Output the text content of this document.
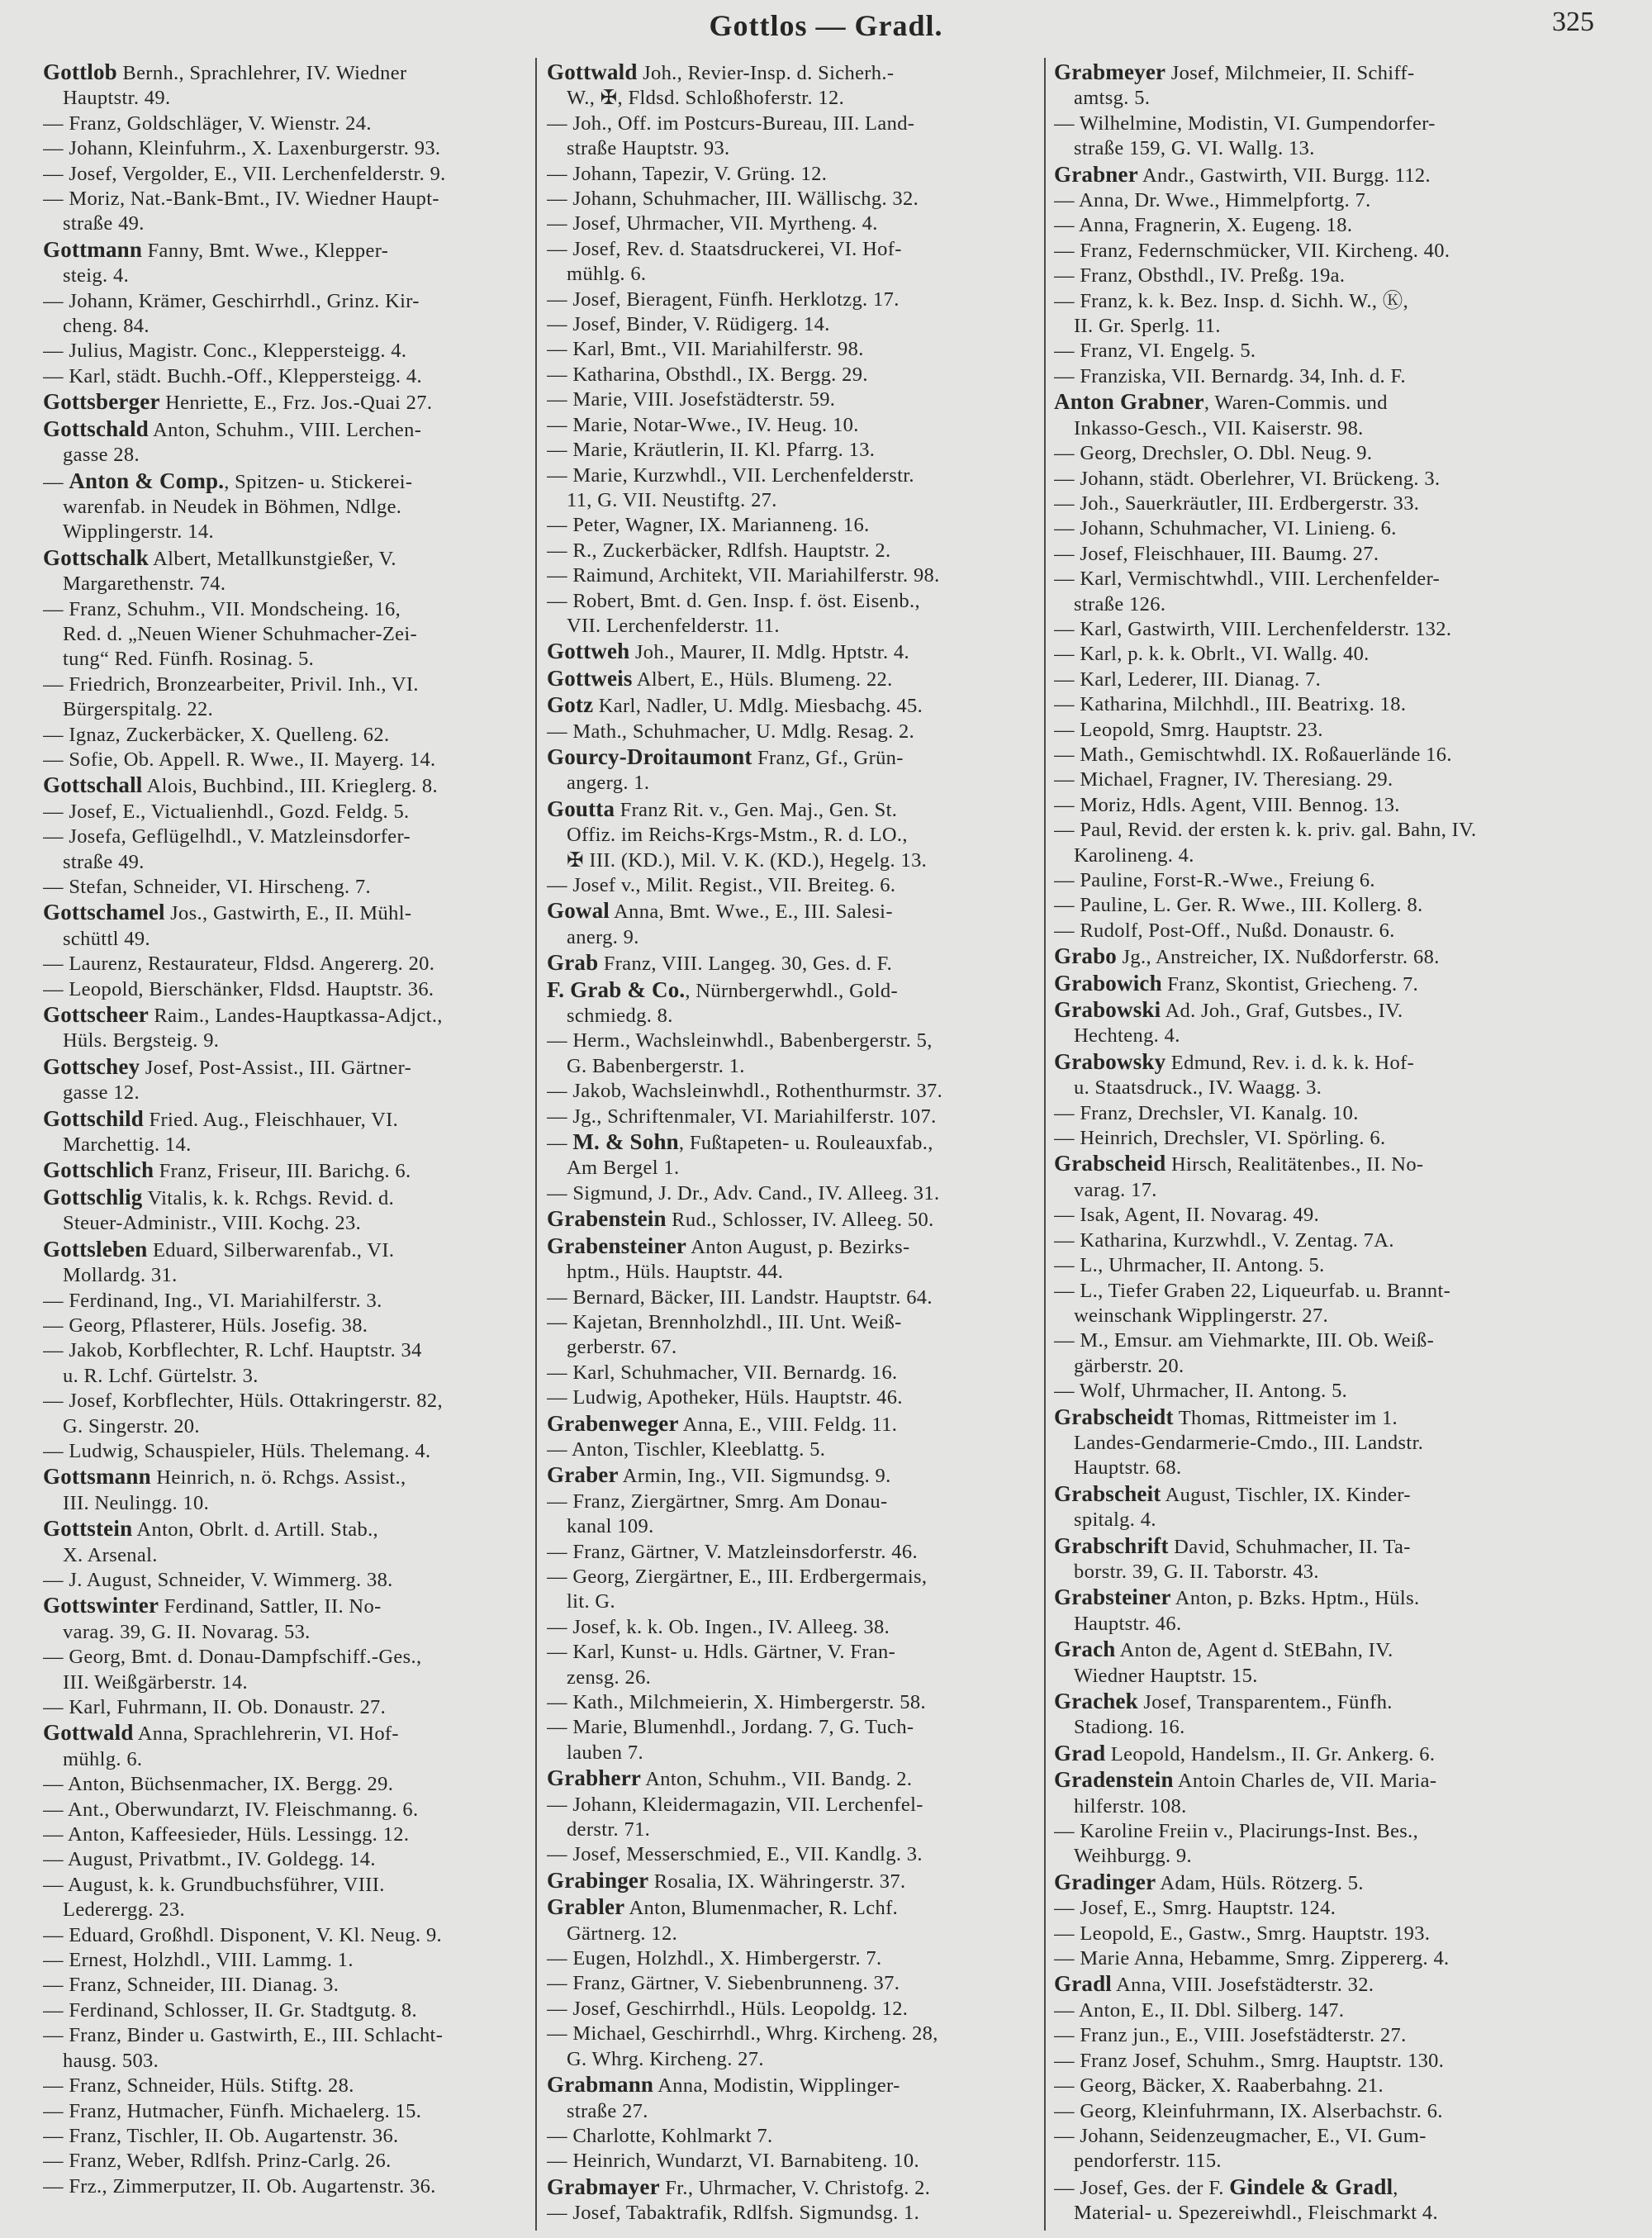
Gottlos — Gradl.	325
Gottlob Bernh., Sprachlehrer, IV. Wiedner
Hauptstr. 49.
— Franz, Goldschläger, V. Wienstr. 24.
— Johann, Kleinfuhrm., X. Laxenburgerstr. 93.
— Josef, Vergolder, E., VII. Lerchenfelderstr. 9.
— Moriz, Nat.-Bank-Bmt., IV. Wiedner Haupt-
straße 49.
Gottmann Fanny, Bmt. Wwe., Klepper-
steig. 4.
— Johann, Krämer, Geschirrhdl., Grinz. Kir-
cheng. 84.
— Julius, Magistr. Conc., Kleppersteigg. 4.
— Karl, städt. Buchh.-Off., Kleppersteigg. 4.
Gottsberger Henriette, E., Frz. Jos.-Quai 27.
Gottschald Anton, Schuhm., VIII. Lerchen-
gasse 28.
— Anton & Comp., Spitzen- u. Stickerei-
warenfab. in Neudek in Böhmen, Ndlge.
Wipplingerstr. 14.
Gottschalk Albert, Metallkunstgießer, V.
Margarethenstr. 74.
— Franz, Schuhm., VII. Mondscheing. 16,
Red. d. „Neuen Wiener Schuhmacher-Zei-
tung“ Red. Fünfh. Rosinag. 5.
— Friedrich, Bronzearbeiter, Privil. Inh., VI.
Bürgerspitalg. 22.
— Ignaz, Zuckerbäcker, X. Quelleng. 62.
— Sofie, Ob. Appell. R. Wwe., II. Mayerg. 14.
Gottschall Alois, Buchbind., III. Krieglerg. 8.
— Josef, E., Victualienhdl., Gozd. Feldg. 5.
— Josefa, Geflügelhdl., V. Matzleinsdorfer-
straße 49.
— Stefan, Schneider, VI. Hirscheng. 7.
Gottschamel Jos., Gastwirth, E., II. Mühl-
schüttl 49.
— Laurenz, Restaurateur, Fldsd. Angererg. 20.
— Leopold, Bierschänker, Fldsd. Hauptstr. 36.
Gottscheer Raim., Landes-Hauptkassa-Adjct.,
Hüls. Bergsteig. 9.
Gottschey Josef, Post-Assist., III. Gärtner-
gasse 12.
Gottschild Fried. Aug., Fleischhauer, VI.
Marchettig. 14.
Gottschlich Franz, Friseur, III. Barichg. 6.
Gottschlig Vitalis, k. k. Rchgs. Revid. d.
Steuer-Administr., VIII. Kochg. 23.
Gottsleben Eduard, Silberwarenfab., VI.
Mollardg. 31.
— Ferdinand, Ing., VI. Mariahilferstr. 3.
— Georg, Pflasterer, Hüls. Josefig. 38.
— Jakob, Korbflechter, R. Lchf. Hauptstr. 34
u. R. Lchf. Gürtelstr. 3.
— Josef, Korbflechter, Hüls. Ottakringerstr. 82,
G. Singerstr. 20.
— Ludwig, Schauspieler, Hüls. Thelemang. 4.
Gottsmann Heinrich, n. ö. Rchgs. Assist.,
III. Neulingg. 10.
Gottstein Anton, Obrlt. d. Artill. Stab.,
X. Arsenal.
— J. August, Schneider, V. Wimmerg. 38.
Gottswinter Ferdinand, Sattler, II. No-
varag. 39, G. II. Novarag. 53.
— Georg, Bmt. d. Donau-Dampfschiff.-Ges.,
III. Weißgärberstr. 14.
— Karl, Fuhrmann, II. Ob. Donaustr. 27.
Gottwald Anna, Sprachlehrerin, VI. Hof-
mühlg. 6.
— Anton, Büchsenmacher, IX. Bergg. 29.
— Ant., Oberwundarzt, IV. Fleischmanng. 6.
— Anton, Kaffeesieder, Hüls. Lessingg. 12.
— August, Privatbmt., IV. Goldegg. 14.
— August, k. k. Grundbuchsführer, VIII.
Lederergg. 23.
— Eduard, Großhdl. Disponent, V. Kl. Neug. 9.
— Ernest, Holzhdl., VIII. Lammg. 1.
— Franz, Schneider, III. Dianag. 3.
— Ferdinand, Schlosser, II. Gr. Stadtgutg. 8.
— Franz, Binder u. Gastwirth, E., III. Schlacht-
hausg. 503.
— Franz, Schneider, Hüls. Stiftg. 28.
— Franz, Hutmacher, Fünfh. Michaelerg. 15.
— Franz, Tischler, II. Ob. Augartenstr. 36.
— Franz, Weber, Rdlfsh. Prinz-Carlg. 26.
— Frz., Zimmerputzer, II. Ob. Augartenstr. 36.
Gottwald Joh., Revier-Insp. d. Sicherh.-
W., ✠, Fldsd. Schloßhoferstr. 12.
— Joh., Off. im Postcurs-Bureau, III. Land-
straße Hauptstr. 93.
— Johann, Tapezir, V. Grüng. 12.
— Johann, Schuhmacher, III. Wällischg. 32.
— Josef, Uhrmacher, VII. Myrtheng. 4.
— Josef, Rev. d. Staatsdruckerei, VI. Hof-
mühlg. 6.
— Josef, Bieragent, Fünfh. Herklotzg. 17.
— Josef, Binder, V. Rüdigerg. 14.
— Karl, Bmt., VII. Mariahilferstr. 98.
— Katharina, Obsthdl., IX. Bergg. 29.
— Marie, VIII. Josefstädterstr. 59.
— Marie, Notar-Wwe., IV. Heug. 10.
— Marie, Kräutlerin, II. Kl. Pfarrg. 13.
— Marie, Kurzwhdl., VII. Lerchenfelderstr.
11, G. VII. Neustiftg. 27.
— Peter, Wagner, IX. Marianneng. 16.
— R., Zuckerbäcker, Rdlfsh. Hauptstr. 2.
— Raimund, Architekt, VII. Mariahilferstr. 98.
— Robert, Bmt. d. Gen. Insp. f. öst. Eisenb.,
VII. Lerchenfelderstr. 11.
Gottweh Joh., Maurer, II. Mdlg. Hptstr. 4.
Gottweis Albert, E., Hüls. Blumeng. 22.
Gotz Karl, Nadler, U. Mdlg. Miesbachg. 45.
— Math., Schuhmacher, U. Mdlg. Resag. 2.
Gourcy-Droitaumont Franz, Gf., Grün-
angerg. 1.
Goutta Franz Rit. v., Gen. Maj., Gen. St.
Offiz. im Reichs-Krgs-Mstm., R. d. LO.,
✠ III. (KD.), Mil. V. K. (KD.), Hegelg. 13.
— Josef v., Milit. Regist., VII. Breiteg. 6.
Gowal Anna, Bmt. Wwe., E., III. Salesi-
anerg. 9.
Grab Franz, VIII. Langeg. 30, Ges. d. F.
F. Grab & Co., Nürnbergerwhdl., Gold-
schmiedg. 8.
— Herm., Wachsleinwhdl., Babenbergerstr. 5,
G. Babenbergerstr. 1.
— Jakob, Wachsleinwhdl., Rothenthurmstr. 37.
— Jg., Schriftenmaler, VI. Mariahilferstr. 107.
— M. & Sohn, Fußtapeten- u. Rouleauxfab.,
Am Bergel 1.
— Sigmund, J. Dr., Adv. Cand., IV. Alleeg. 31.
Grabenstein Rud., Schlosser, IV. Alleeg. 50.
Grabensteiner Anton August, p. Bezirks-
hptm., Hüls. Hauptstr. 44.
— Bernard, Bäcker, III. Landstr. Hauptstr. 64.
— Kajetan, Brennholzhdl., III. Unt. Weiß-
gerberstr. 67.
— Karl, Schuhmacher, VII. Bernardg. 16.
— Ludwig, Apotheker, Hüls. Hauptstr. 46.
Grabenweger Anna, E., VIII. Feldg. 11.
— Anton, Tischler, Kleeblattg. 5.
Graber Armin, Ing., VII. Sigmundsg. 9.
— Franz, Ziergärtner, Smrg. Am Donau-
kanal 109.
— Franz, Gärtner, V. Matzleinsdorferstr. 46.
— Georg, Ziergärtner, E., III. Erdbergermais,
lit. G.
— Josef, k. k. Ob. Ingen., IV. Alleeg. 38.
— Karl, Kunst- u. Hdls. Gärtner, V. Fran-
zensg. 26.
— Kath., Milchmeierin, X. Himbergerstr. 58.
— Marie, Blumenhdl., Jordang. 7, G. Tuch-
lauben 7.
Grabherr Anton, Schuhm., VII. Bandg. 2.
— Johann, Kleidermagazin, VII. Lerchenfel-
derstr. 71.
— Josef, Messerschmied, E., VII. Kandlg. 3.
Grabinger Rosalia, IX. Währingerstr. 37.
Grabler Anton, Blumenmacher, R. Lchf.
Gärtnerg. 12.
— Eugen, Holzhdl., X. Himbergerstr. 7.
— Franz, Gärtner, V. Siebenbrunneng. 37.
— Josef, Geschirrhdl., Hüls. Leopoldg. 12.
— Michael, Geschirrhdl., Whrg. Kircheng. 28,
G. Whrg. Kircheng. 27.
Grabmann Anna, Modistin, Wipplinger-
straße 27.
— Charlotte, Kohlmarkt 7.
— Heinrich, Wundarzt, VI. Barnabiteng. 10.
Grabmayer Fr., Uhrmacher, V. Christofg. 2.
— Josef, Tabaktrafik, Rdlfsh. Sigmundsg. 1.
Grabmeyer Josef, Milchmeier, II. Schiff-
amtsg. 5.
— Wilhelmine, Modistin, VI. Gumpendorfer-
straße 159, G. VI. Wallg. 13.
Grabner Andr., Gastwirth, VII. Burgg. 112.
— Anna, Dr. Wwe., Himmelpfortg. 7.
— Anna, Fragnerin, X. Eugeng. 18.
— Franz, Federnschmücker, VII. Kircheng. 40.
— Franz, Obsthdl., IV. Preßg. 19a.
— Franz, k. k. Bez. Insp. d. Sichh. W., Ⓚ,
II. Gr. Sperlg. 11.
— Franz, VI. Engelg. 5.
— Franziska, VII. Bernardg. 34, Inh. d. F.
Anton Grabner, Waren-Commis. und
Inkasso-Gesch., VII. Kaiserstr. 98.
— Georg, Drechsler, O. Dbl. Neug. 9.
— Johann, städt. Oberlehrer, VI. Brückeng. 3.
— Joh., Sauerkräutler, III. Erdbergerstr. 33.
— Johann, Schuhmacher, VI. Linieng. 6.
— Josef, Fleischhauer, III. Baumg. 27.
— Karl, Vermischtwhdl., VIII. Lerchenfelder-
straße 126.
— Karl, Gastwirth, VIII. Lerchenfelderstr. 132.
— Karl, p. k. k. Obrlt., VI. Wallg. 40.
— Karl, Lederer, III. Dianag. 7.
— Katharina, Milchhdl., III. Beatrixg. 18.
— Leopold, Smrg. Hauptstr. 23.
— Math., Gemischtwhdl. IX. Roßauerlände 16.
— Michael, Fragner, IV. Theresiang. 29.
— Moriz, Hdls. Agent, VIII. Bennog. 13.
— Paul, Revid. der ersten k. k. priv. gal. Bahn, IV.
Karolineng. 4.
— Pauline, Forst-R.-Wwe., Freiung 6.
— Pauline, L. Ger. R. Wwe., III. Kollerg. 8.
— Rudolf, Post-Off., Nußd. Donaustr. 6.
Grabo Jg., Anstreicher, IX. Nußdorferstr. 68.
Grabowich Franz, Skontist, Griecheng. 7.
Grabowski Ad. Joh., Graf, Gutsbes., IV.
Hechteng. 4.
Grabowsky Edmund, Rev. i. d. k. k. Hof-
u. Staatsdruck., IV. Waagg. 3.
— Franz, Drechsler, VI. Kanalg. 10.
— Heinrich, Drechsler, VI. Spörling. 6.
Grabscheid Hirsch, Realitätenbes., II. No-
varag. 17.
— Isak, Agent, II. Novarag. 49.
— Katharina, Kurzwhdl., V. Zentag. 7A.
— L., Uhrmacher, II. Antong. 5.
— L., Tiefer Graben 22, Liqueurfab. u. Brannt-
weinschank Wipplingerstr. 27.
— M., Emsur. am Viehmarkte, III. Ob. Weiß-
gärberstr. 20.
— Wolf, Uhrmacher, II. Antong. 5.
Grabscheidt Thomas, Rittmeister im 1.
Landes-Gendarmerie-Cmdo., III. Landstr.
Hauptstr. 68.
Grabscheit August, Tischler, IX. Kinder-
spitalg. 4.
Grabschrift David, Schuhmacher, II. Ta-
borstr. 39, G. II. Taborstr. 43.
Grabsteiner Anton, p. Bzks. Hptm., Hüls.
Hauptstr. 46.
Grach Anton de, Agent d. StEBahn, IV.
Wiedner Hauptstr. 15.
Grachek Josef, Transparentem., Fünfh.
Stadiong. 16.
Grad Leopold, Handelsm., II. Gr. Ankerg. 6.
Gradenstein Antoin Charles de, VII. Maria-
hilferstr. 108.
— Karoline Freiin v., Placirungs-Inst. Bes.,
Weihburgg. 9.
Gradinger Adam, Hüls. Rötzerg. 5.
— Josef, E., Smrg. Hauptstr. 124.
— Leopold, E., Gastw., Smrg. Hauptstr. 193.
— Marie Anna, Hebamme, Smrg. Zippererg. 4.
Gradl Anna, VIII. Josefstädterstr. 32.
— Anton, E., II. Dbl. Silberg. 147.
— Franz jun., E., VIII. Josefstädterstr. 27.
— Franz Josef, Schuhm., Smrg. Hauptstr. 130.
— Georg, Bäcker, X. Raaberbahng. 21.
— Georg, Kleinfuhrmann, IX. Alserbachstr. 6.
— Johann, Seidenzeugmacher, E., VI. Gum-
pendorferstr. 115.
— Josef, Ges. der F. Gindele & Gradl,
Material- u. Spezereiwhdl., Fleischmarkt 4.
